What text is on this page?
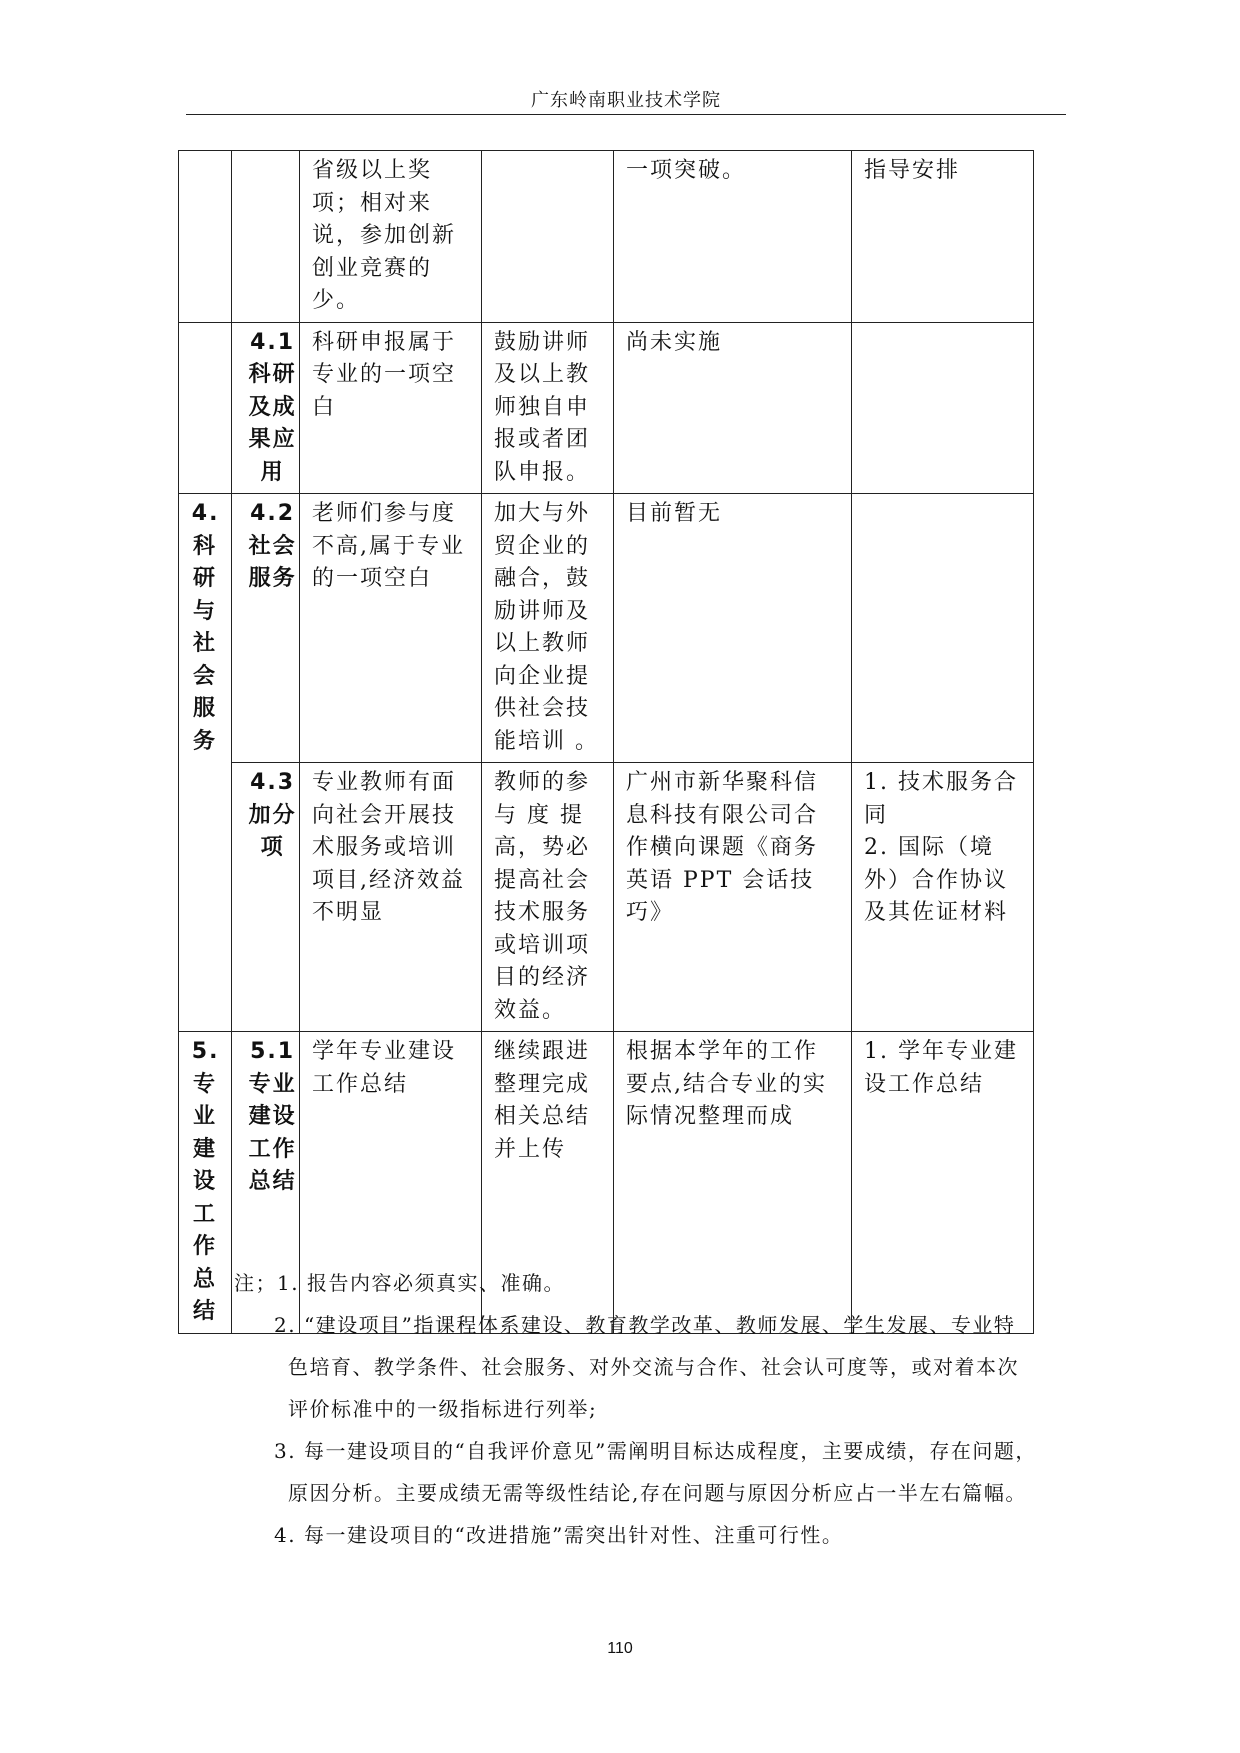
广东岭南职业技术学院
		省级以上奖项；相对来说，参加创新创业竞赛的少。		一项突破。	指导安排
	4.1科研及成果应用	科研申报属于专业的一项空白	鼓励讲师及以上教师独自申报或者团队申报。	尚未实施	
4.科研与社会服务	4.2社会服务	老师们参与度不高,属于专业的一项空白	加大与外贸企业的融合，鼓励讲师及以上教师向企业提供社会技能培训 。	目前暂无	
	4.3加分项	专业教师有面向社会开展技术服务或培训项目,经济效益不明显	教师的参与 度 提高，势必提高社会技术服务或培训项目的经济效益。	广州市新华聚科信息科技有限公司合作横向课题《商务英语 PPT 会话技巧》	1. 技术服务合同
2. 国际（境外）合作协议及其佐证材料

5.专业建设工作总结	5.1专业建设工作总结	学年专业建设工作总结	继续跟进整理完成相关总结并上传	根据本学年的工作要点,结合专业的实际情况整理而成	1. 学年专业建设工作总结

注；1. 报告内容必须真实、准确。

2. “建设项目”指课程体系建设、教育教学改革、教师发展、学生发展、专业特

色培育、教学条件、社会服务、对外交流与合作、社会认可度等，或对着本次

评价标准中的一级指标进行列举;

3. 每一建设项目的“自我评价意见”需阐明目标达成程度，主要成绩，存在问题，

原因分析。主要成绩无需等级性结论,存在问题与原因分析应占一半左右篇幅。

4. 每一建设项目的“改进措施”需突出针对性、注重可行性。

110
